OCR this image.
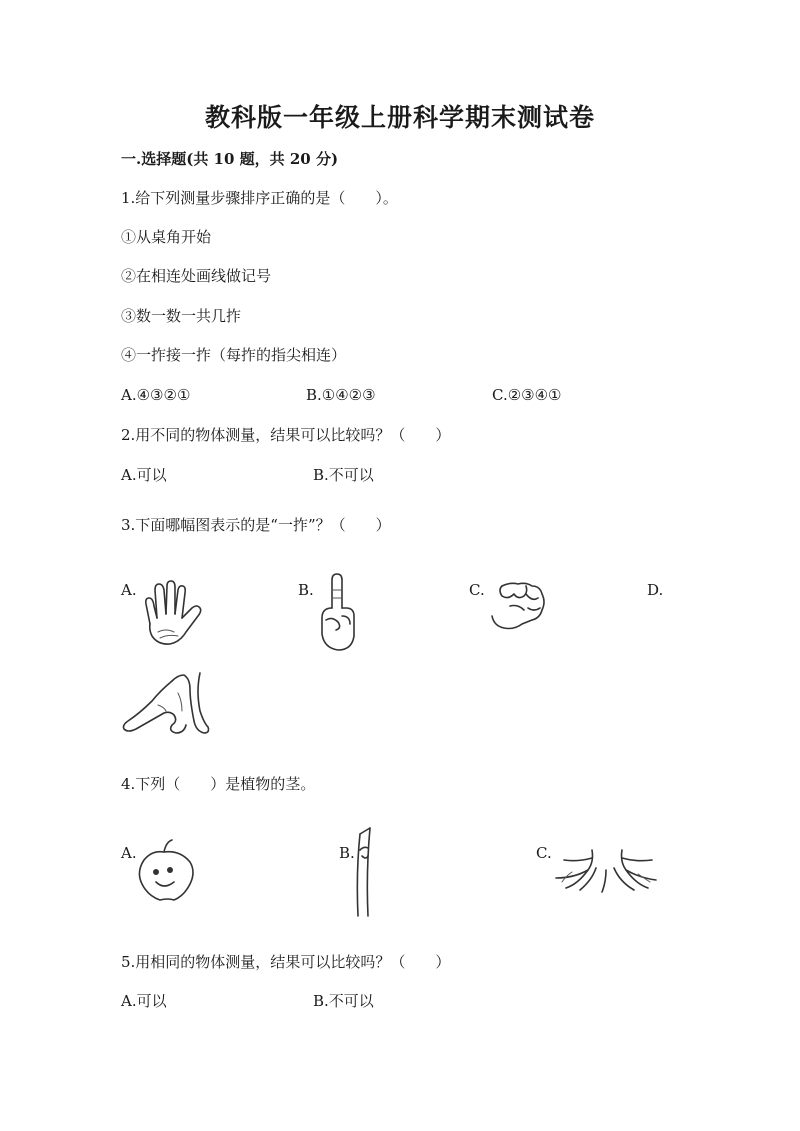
教科版一年级上册科学期末测试卷
一.选择题(共 10 题，共 20 分)
1.给下列测量步骤排序正确的是（　　）。
①从桌角开始
②在相连处画线做记号
③数一数一共几拃
④一拃接一拃（每拃的指尖相连）
A.④③②①	B.①④②③	C.②③④①
2.用不同的物体测量，结果可以比较吗？（　　）
A.可以	B.不可以
3.下面哪幅图表示的是“一拃”？（　　）
A.	B.	C.	D.
4.下列（　　）是植物的茎。
A.	B.	C.
5.用相同的物体测量，结果可以比较吗？（　　）
A.可以	B.不可以
